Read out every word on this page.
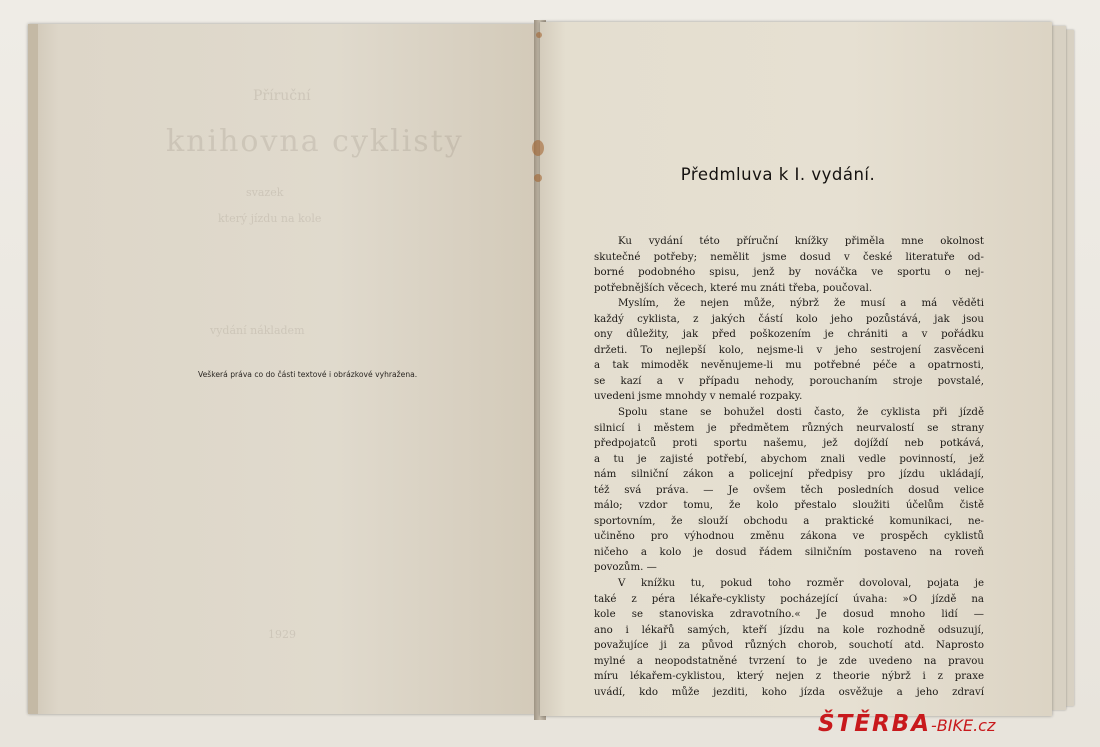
Příruční
knihovna cyklisty
svazek
který jízdu na kole
vydání nákladem
1929
Veškerá práva co do části textové i obrázkové vyhražena.
Předmluva k I. vydání.
Ku vydání této příruční knížky přiměla mne okolnost
skutečné potřeby; nemělit jsme dosud v české literatuře od-
borné podobného spisu, jenž by nováčka ve sportu o nej-
potřebnějších věcech, které mu znáti třeba, poučoval.
Myslím, že nejen může, nýbrž že musí a má věděti
každý cyklista, z jakých částí kolo jeho pozůstává, jak jsou
ony důležity, jak před poškozením je chrániti a v pořádku
držeti. To nejlepší kolo, nejsme-li v jeho sestrojení zasvěceni
a tak mimoděk nevěnujeme-li mu potřebné péče a opatrnosti,
se kazí a v případu nehody, porouchaním stroje povstalé,
uvedeni jsme mnohdy v nemalé rozpaky.
Spolu stane se bohužel dosti často, že cyklista při jízdě
silnicí i městem je předmětem různých neurvalostí se strany
předpojatců proti sportu našemu, jež dojíždí neb potkává,
a tu je zajisté potřebí, abychom znali vedle povinností, jež
nám silniční zákon a policejní předpisy pro jízdu ukládají,
též svá práva. — Je ovšem těch posledních dosud velice
málo; vzdor tomu, že kolo přestalo sloužiti účelům čistě
sportovním, že slouží obchodu a praktické komunikaci, ne-
učiněno pro výhodnou změnu zákona ve prospěch cyklistů
ničeho a kolo je dosud řádem silničním postaveno na roveň
povozům. —
V knížku tu, pokud toho rozměr dovoloval, pojata je
také z péra lékaře-cyklisty pocházející úvaha: »O jízdě na
kole se stanoviska zdravotního.« Je dosud mnoho lidí —
ano i lékařů samých, kteří jízdu na kole rozhodně odsuzují,
považujíce ji za původ různých chorob, souchotí atd. Naprosto
mylné a neopodstatněné tvrzení to je zde uvedeno na pravou
míru lékařem-cyklistou, který nejen z theorie nýbrž i z praxe
uvádí, kdo může jezditi, koho jízda osvěžuje a jeho zdraví
ŠTĚRBA-BIKE.cz
